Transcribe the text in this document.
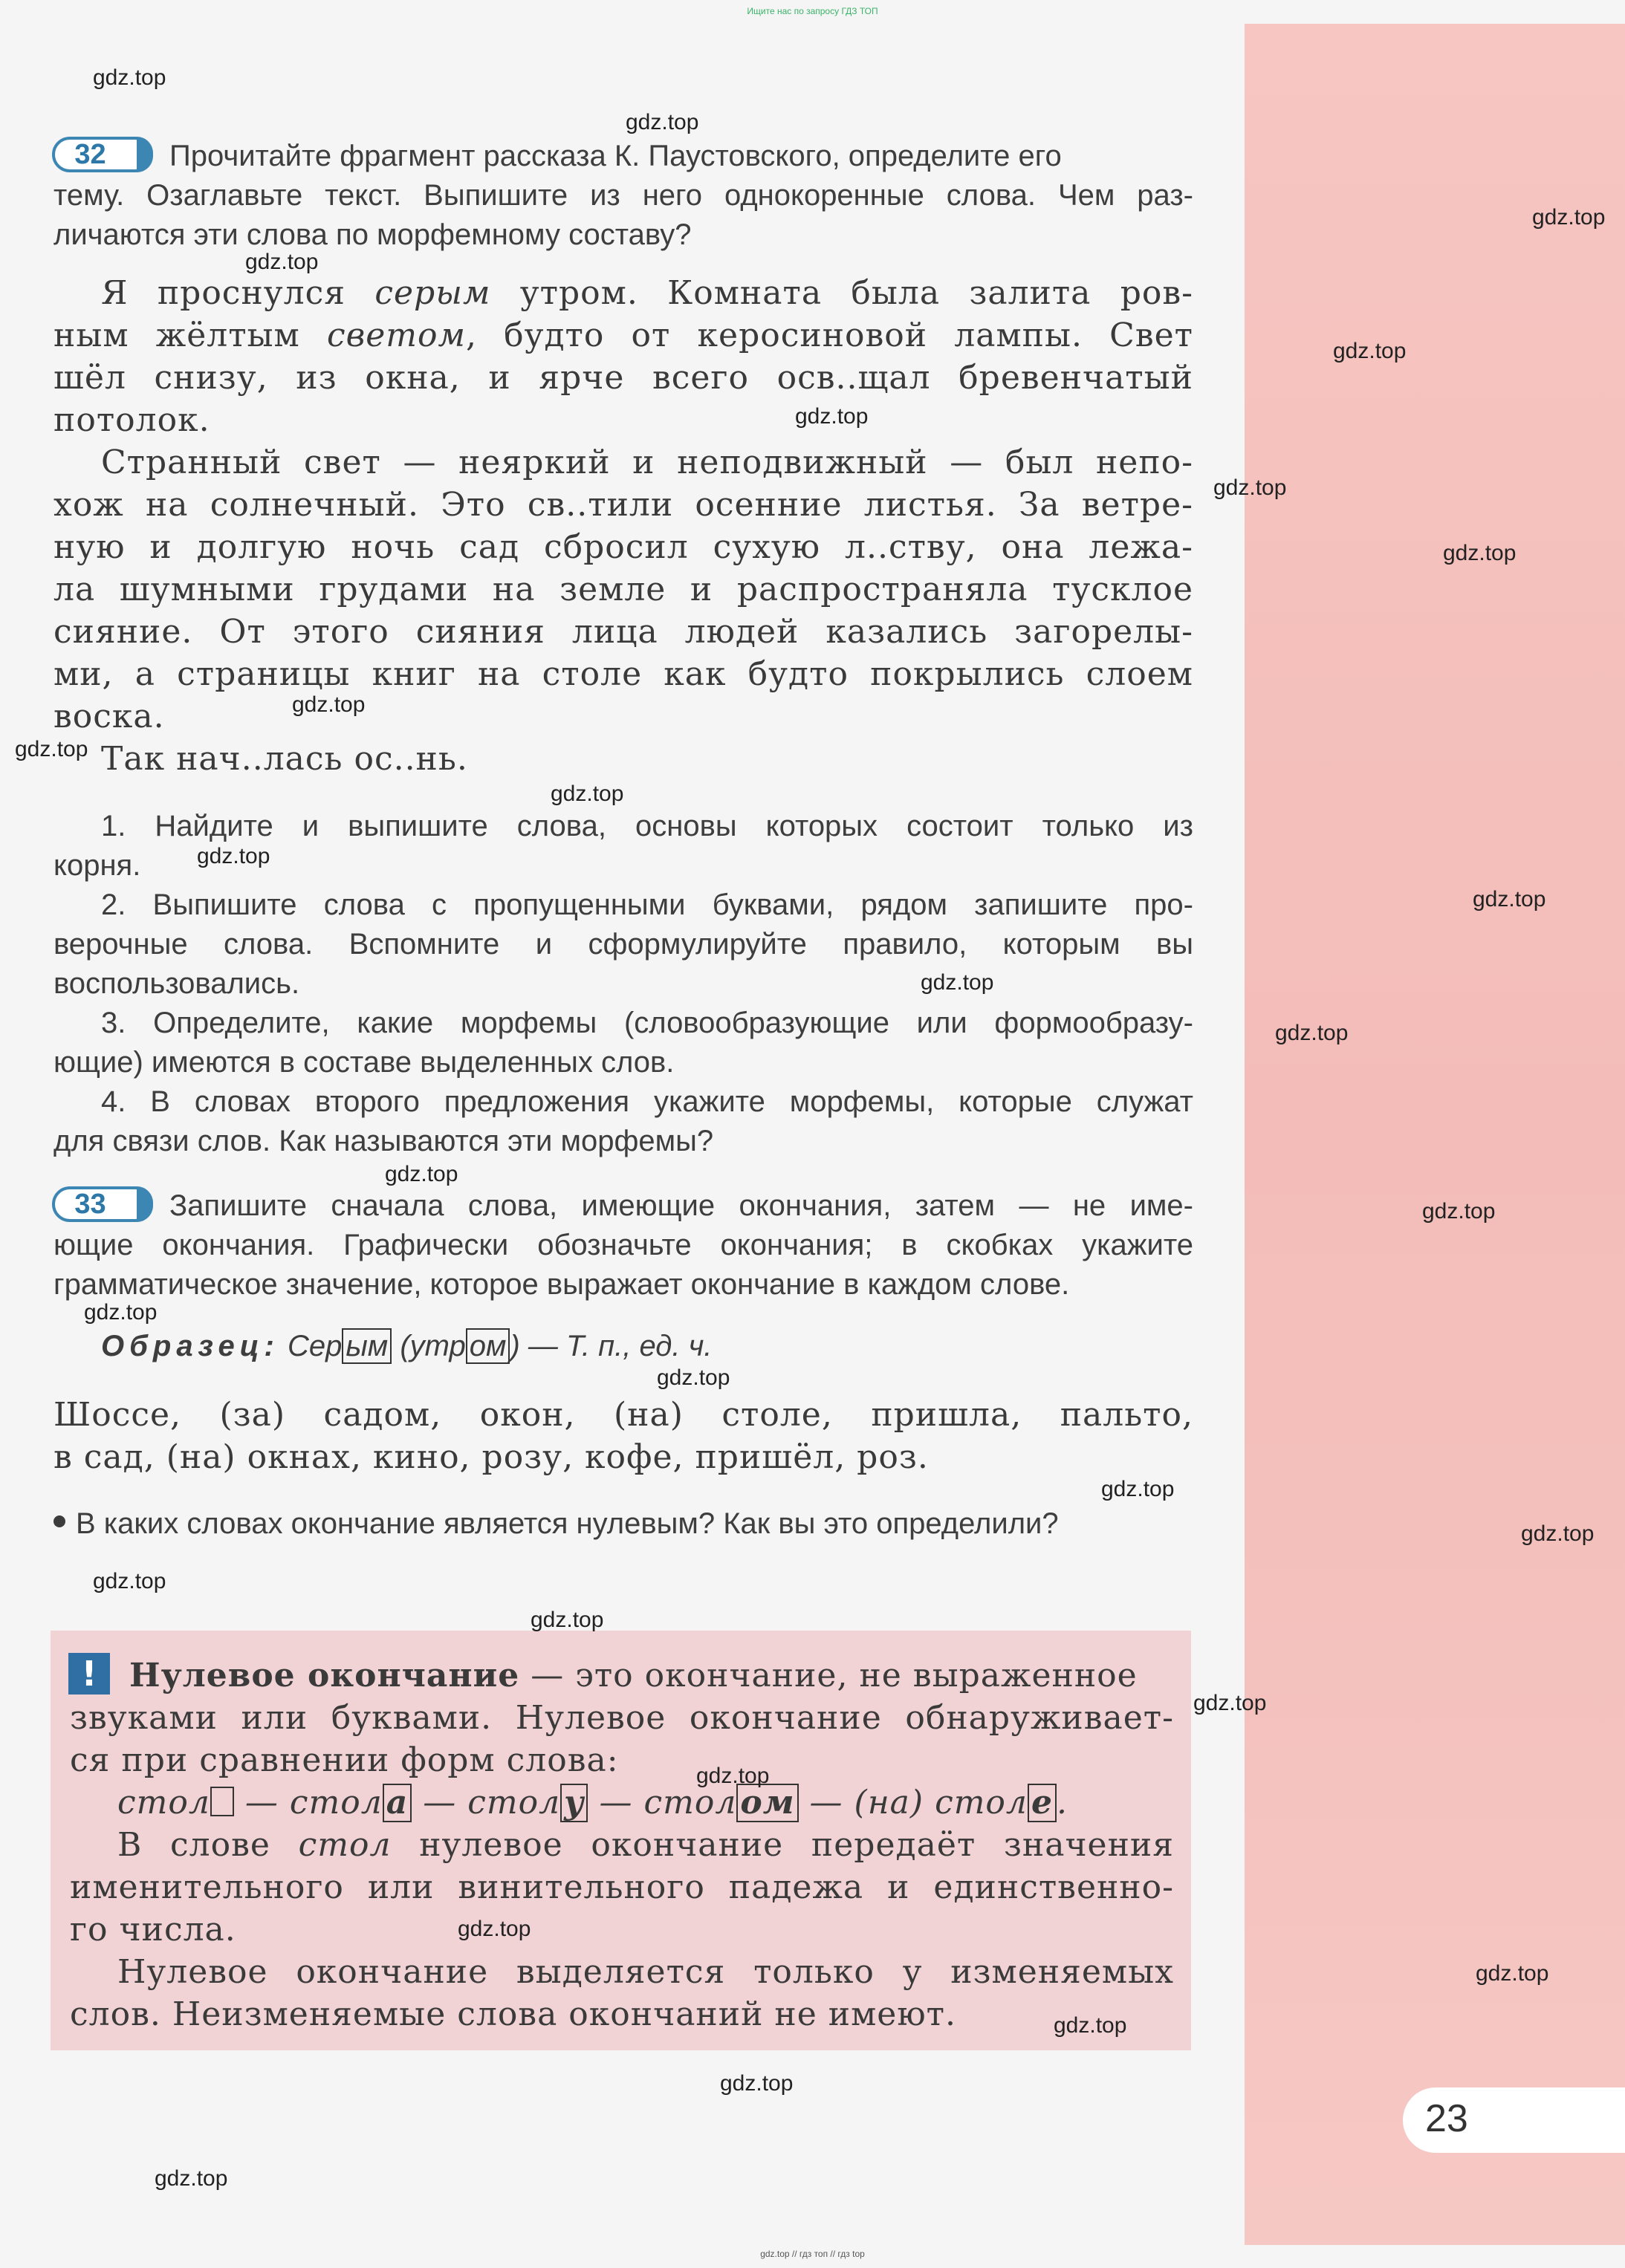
Ищите нас по запросу ГДЗ ТОП
32	Прочитайте фрагмент рассказа К. Паустовского, определите его
тему. Озаглавьте текст. Выпишите из него однокоренные слова. Чем раз-
личаются эти слова по морфемному составу?
Я проснулся серым утром. Комната была залита ров-
ным жёлтым светом, будто от керосиновой лампы. Свет
шёл снизу, из окна, и ярче всего осв..щал бревенчатый
потолок.
Странный свет — неяркий и неподвижный — был непо-
хож на солнечный. Это св..тили осенние листья. За ветре-
ную и долгую ночь сад сбросил сухую л..ству, она лежа-
ла шумными грудами на земле и распространяла тусклое
сияние. От этого сияния лица людей казались загорелы-
ми, а страницы книг на столе как будто покрылись слоем
воска.
Так нач..лась ос..нь.
1. Найдите и выпишите слова, основы которых состоит только из
корня.
2. Выпишите слова с пропущенными буквами, рядом запишите про-
верочные слова. Вспомните и сформулируйте правило, которым вы
воспользовались.
3. Определите, какие морфемы (словообразующие или формообразу-
ющие) имеются в составе выделенных слов.
4. В словах второго предложения укажите морфемы, которые служат
для связи слов. Как называются эти морфемы?
33	Запишите сначала слова, имеющие окончания, затем — не име-
ющие окончания. Графически обозначьте окончания; в скобках укажите
грамматическое значение, которое выражает окончание в каждом слове.
Образец: Сер ым (утр ом ) — Т. п., ед. ч.
Шоссе, (за) садом, окон, (на) столе, пришла, пальто,
в сад, (на) окнах, кино, розу, кофе, пришёл, роз.
В каких словах окончание является нулевым? Как вы это определили?
! Нулевое окончание — это окончание, не выраженное
звуками или буквами. Нулевое окончание обнаруживает-
ся при сравнении форм слова:
стол — стол а — стол у — стол ом — (на) стол е .
В слове стол нулевое окончание передаёт значения
именительного или винительного падежа и единственно-
го числа.
Нулевое окончание выделяется только у изменяемых
слов. Неизменяемые слова окончаний не имеют.
23
gdz.top // гдз топ // гдз top
gdz.top
gdz.top
gdz.top
gdz.top
gdz.top
gdz.top
gdz.top
gdz.top
gdz.top
gdz.top
gdz.top
gdz.top
gdz.top
gdz.top
gdz.top
gdz.top
gdz.top
gdz.top
gdz.top
gdz.top
gdz.top
gdz.top
gdz.top
gdz.top
gdz.top
gdz.top
gdz.top
gdz.top
gdz.top
gdz.top
